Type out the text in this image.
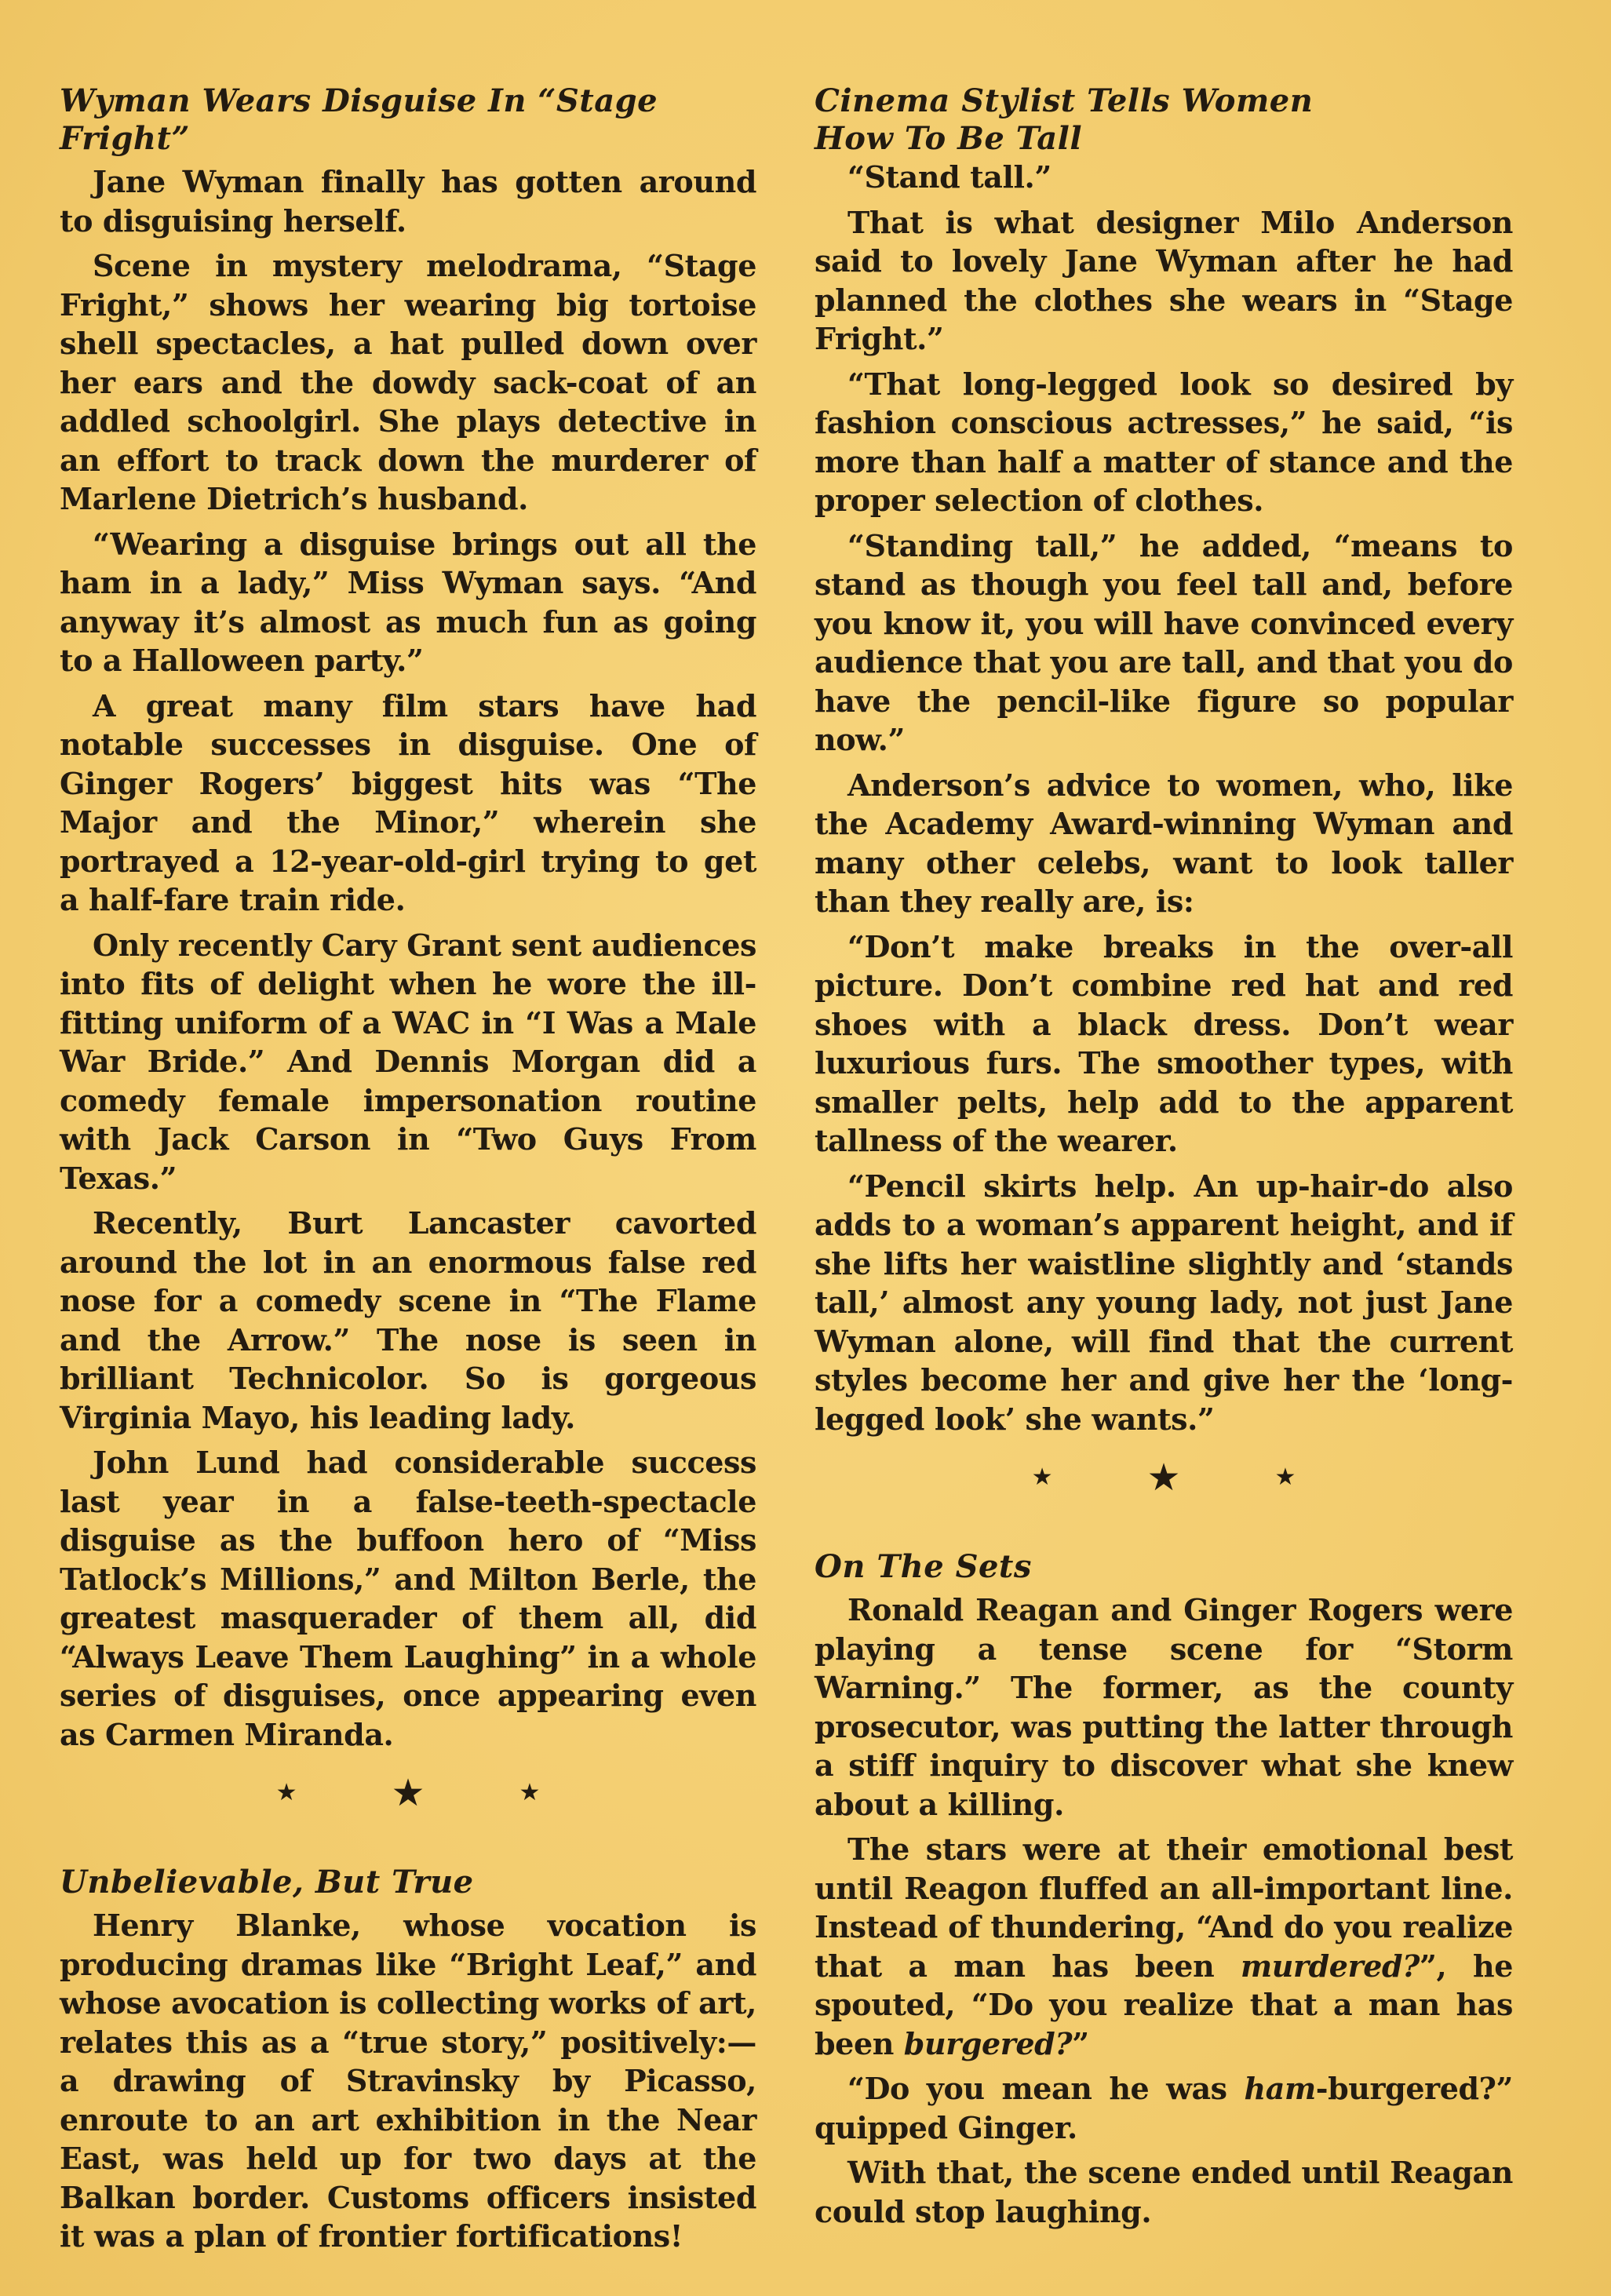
Wyman Wears Disguise In “Stage Fright”

Jane Wyman finally has gotten around to disguising herself.

Scene in mystery melodrama, “Stage Fright,” shows her wearing big tortoise shell spectacles, a hat pulled down over her ears and the dowdy sack-coat of an addled schoolgirl. She plays detective in an effort to track down the murderer of Marlene Dietrich’s husband.

“Wearing a disguise brings out all the ham in a lady,” Miss Wyman says. “And anyway it’s almost as much fun as going to a Halloween party.”

A great many film stars have had notable successes in disguise. One of Ginger Rogers’ biggest hits was “The Major and the Minor,” wherein she portrayed a 12-year-old-girl trying to get a half-fare train ride.

Only recently Cary Grant sent audiences into fits of delight when he wore the ill-fitting uniform of a WAC in “I Was a Male War Bride.” And Dennis Morgan did a comedy female impersonation routine with Jack Carson in “Two Guys From Texas.”

Recently, Burt Lancaster cavorted around the lot in an enormous false red nose for a comedy scene in “The Flame and the Arrow.” The nose is seen in brilliant Technicolor. So is gorgeous Virginia Mayo, his leading lady.

John Lund had considerable success last year in a false-teeth-spectacle disguise as the buffoon hero of “Miss Tatlock’s Millions,” and Milton Berle, the greatest masquerader of them all, did “Always Leave Them Laughing” in a whole series of disguises, once appearing even as Carmen Miranda.

★	★	★
Unbelievable, But True

Henry Blanke, whose vocation is producing dramas like “Bright Leaf,” and whose avocation is collecting works of art, relates this as a “true story,” positively:— a drawing of Stravinsky by Picasso, enroute to an art exhibition in the Near East, was held up for two days at the Balkan border. Customs officers insisted it was a plan of frontier fortifications!

Cinema Stylist Tells Women
How To Be Tall

“Stand tall.”

That is what designer Milo Anderson said to lovely Jane Wyman after he had planned the clothes she wears in “Stage Fright.”

“That long-legged look so desired by fashion conscious actresses,” he said, “is more than half a matter of stance and the proper selection of clothes.

“Standing tall,” he added, “means to stand as though you feel tall and, before you know it, you will have convinced every audience that you are tall, and that you do have the pencil-like figure so popular now.”

Anderson’s advice to women, who, like the Academy Award-winning Wyman and many other celebs, want to look taller than they really are, is:

“Don’t make breaks in the over-all picture. Don’t combine red hat and red shoes with a black dress. Don’t wear luxurious furs. The smoother types, with smaller pelts, help add to the apparent tallness of the wearer.

“Pencil skirts help. An up-hair-do also adds to a woman’s apparent height, and if she lifts her waistline slightly and ‘stands tall,’ almost any young lady, not just Jane Wyman alone, will find that the current styles become her and give her the ‘long-legged look’ she wants.”

★	★	★
On The Sets

Ronald Reagan and Ginger Rogers were playing a tense scene for “Storm Warning.” The former, as the county prosecutor, was putting the latter through a stiff inquiry to discover what she knew about a killing.

The stars were at their emotional best until Reagon fluffed an all-important line. Instead of thundering, “And do you realize that a man has been murdered?”, he spouted, “Do you realize that a man has been burgered?”

“Do you mean he was ham-burgered?” quipped Ginger.

With that, the scene ended until Reagan could stop laughing.
